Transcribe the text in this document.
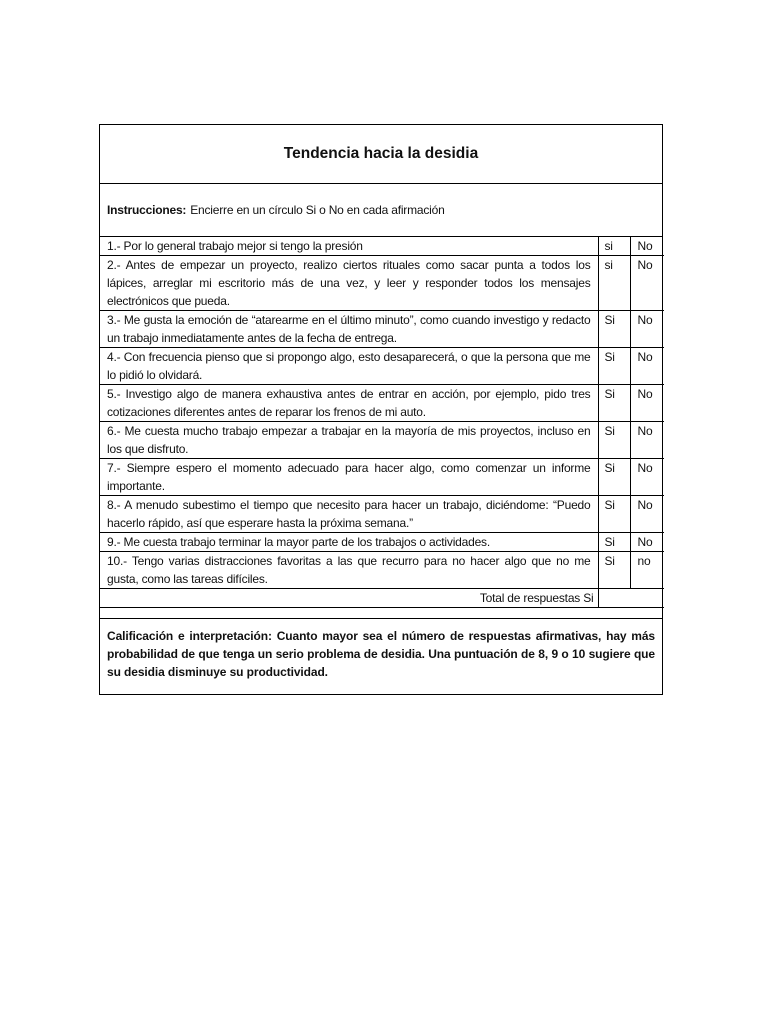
Tendencia hacia la desidia
Instrucciones: Encierre en un círculo Si o No en cada afirmación
1.- Por lo general trabajo mejor si tengo la presión	si	No
2.- Antes de empezar un proyecto, realizo ciertos rituales como sacar punta a todos los lápices, arreglar mi escritorio más de una vez, y leer y responder todos los mensajes electrónicos que pueda.	si	No
3.- Me gusta la emoción de “atarearme en el último minuto”, como cuando investigo y redacto un trabajo inmediatamente antes de la fecha de entrega.	Si	No
4.- Con frecuencia pienso que si propongo algo, esto desaparecerá, o que la persona que me lo pidió lo olvidará.	Si	No
5.- Investigo algo de manera exhaustiva antes de entrar en acción, por ejemplo, pido tres cotizaciones diferentes antes de reparar los frenos de mi auto.	Si	No
6.- Me cuesta mucho trabajo empezar a trabajar en la mayoría de mis proyectos, incluso en los que disfruto.	Si	No
7.- Siempre espero el momento adecuado para hacer algo, como comenzar un informe importante.	Si	No
8.- A menudo subestimo el tiempo que necesito para hacer un trabajo, diciéndome: “Puedo hacerlo rápido, así que esperare hasta la próxima semana.”	Si	No
9.- Me cuesta trabajo terminar la mayor parte de los trabajos o actividades.	Si	No
10.- Tengo varias distracciones favoritas a las que recurro para no hacer algo que no me gusta, como las tareas difíciles.	Si	no
Total de respuestas Si		
Calificación e interpretación: Cuanto mayor sea el número de respuestas afirmativas, hay más probabilidad de que tenga un serio problema de desidia. Una puntuación de 8, 9 o 10 sugiere que su desidia disminuye su productividad.
